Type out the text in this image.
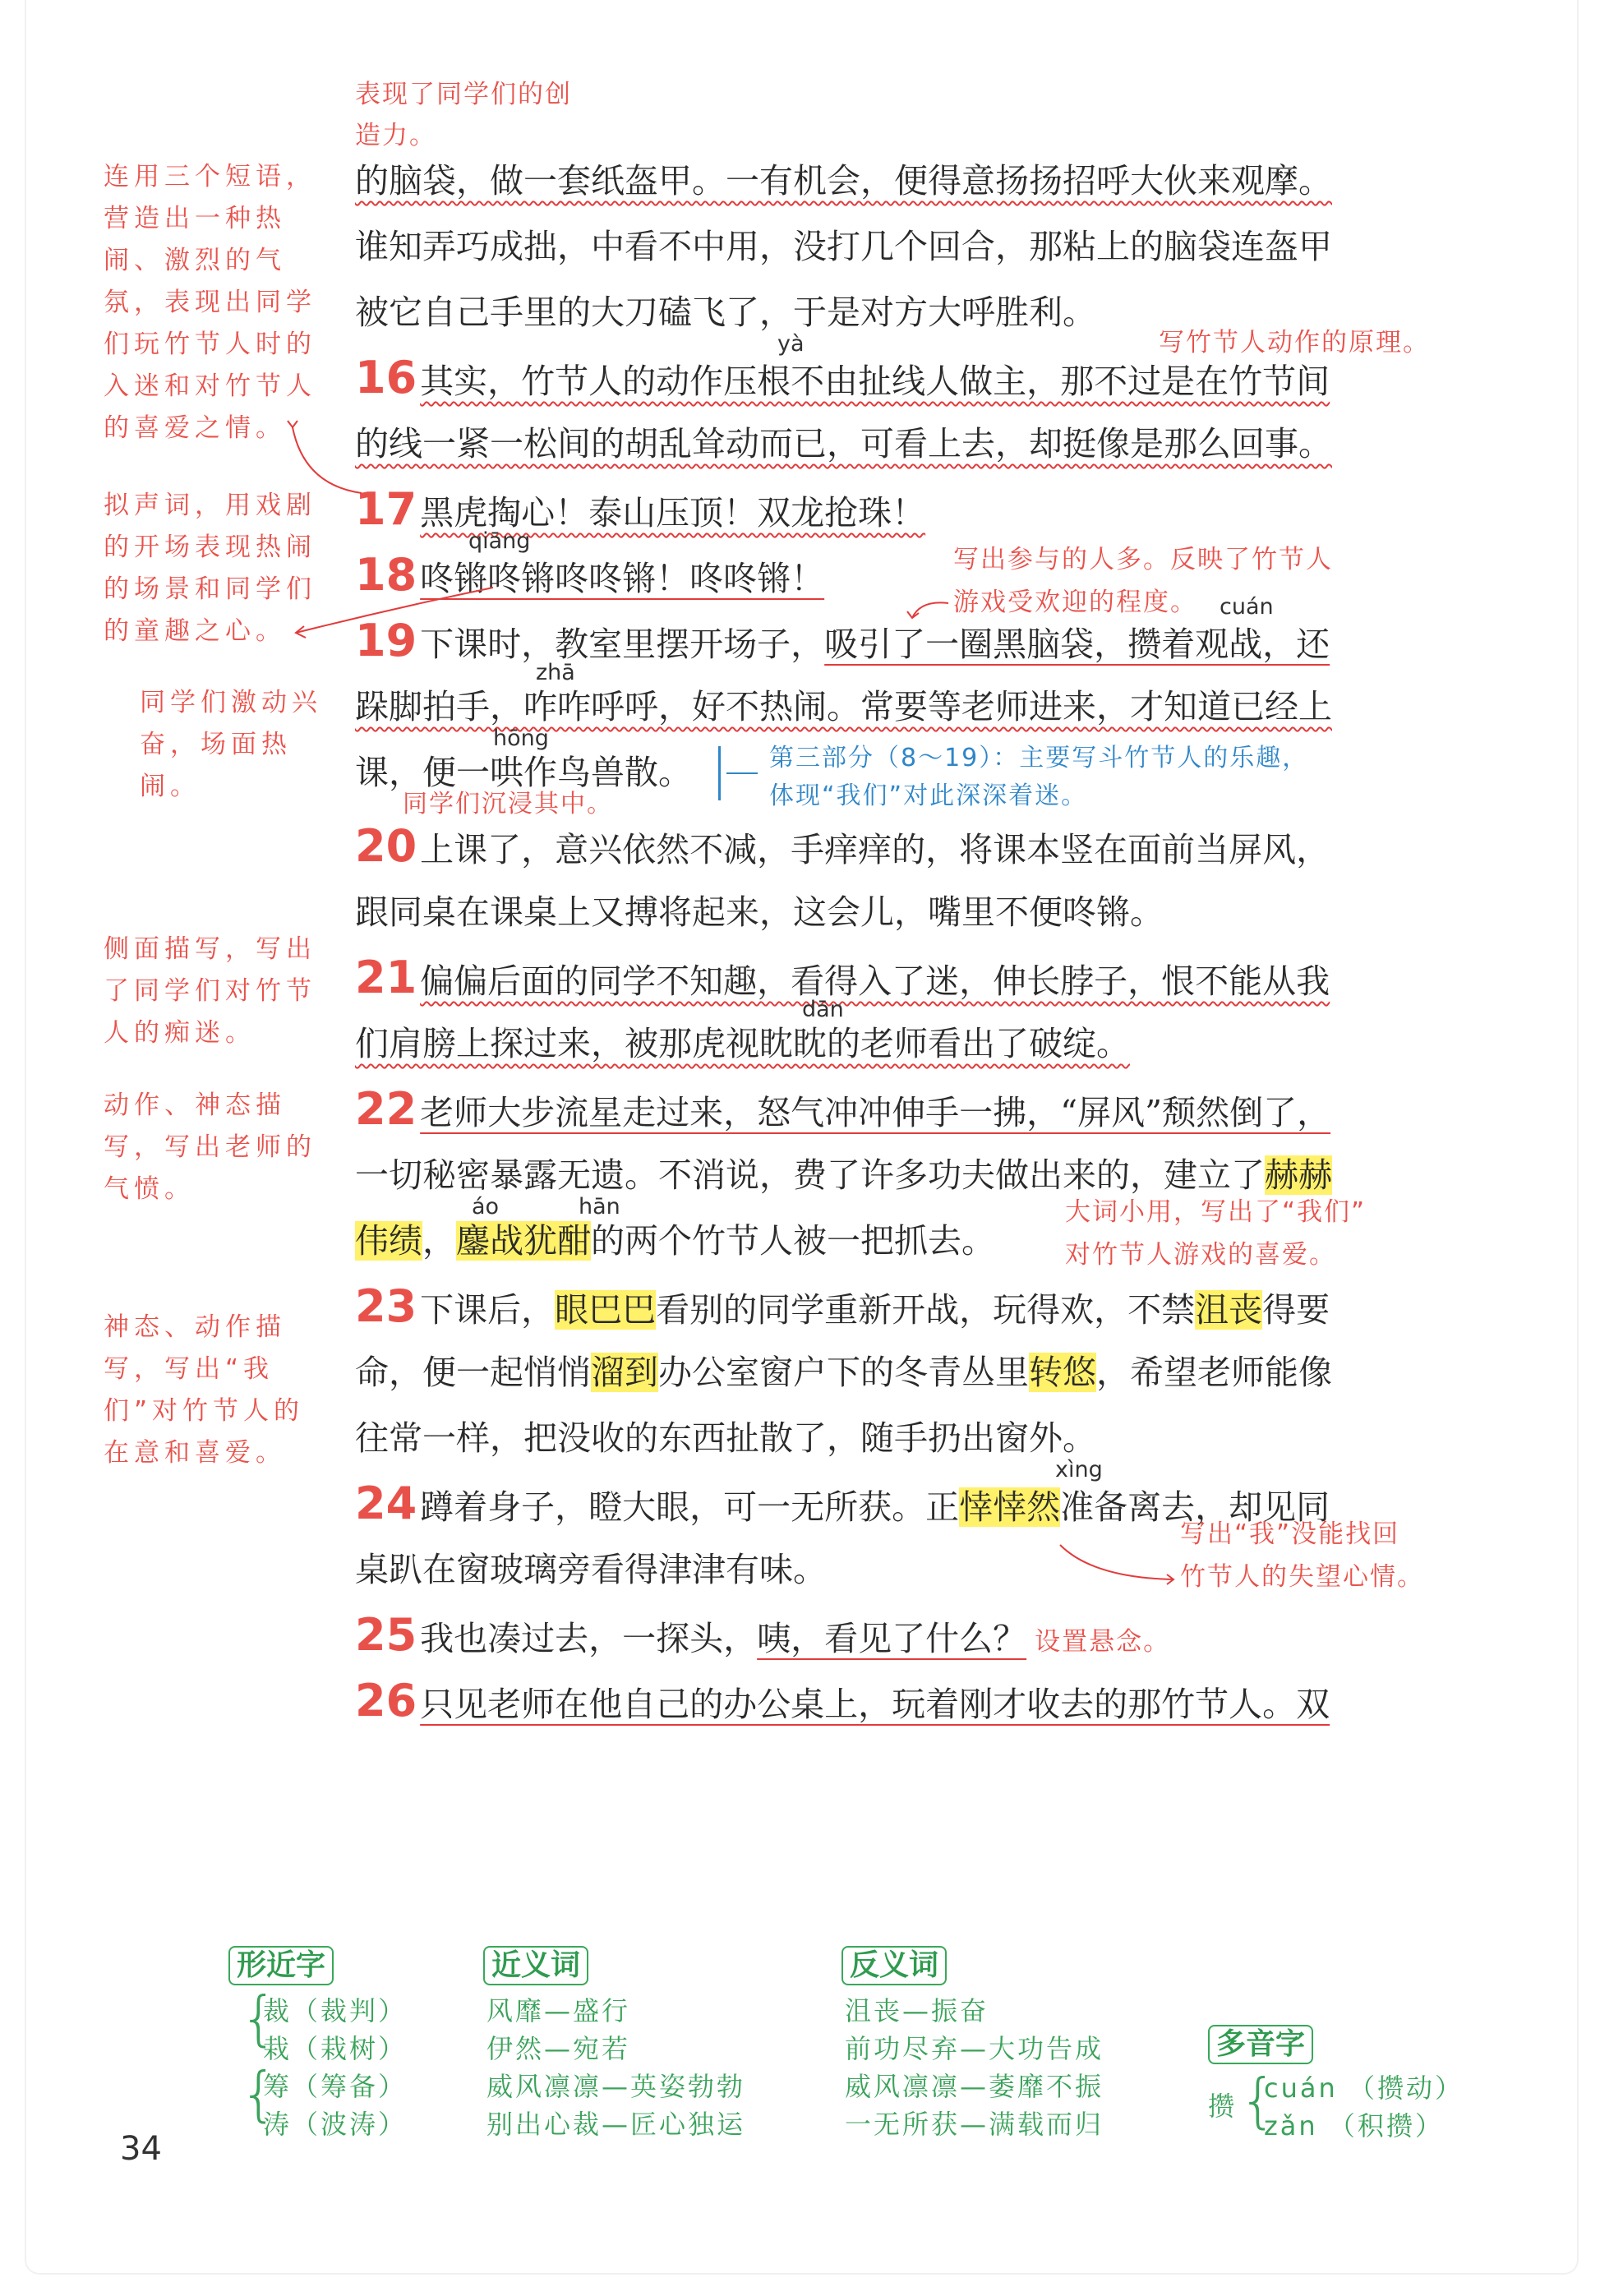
表现了同学们的创造力。
的脑袋，做一套纸盔甲。一有机会，便得意扬扬招呼大伙来观摩。
谁知弄巧成拙，中看不中用，没打几个回合，那粘上的脑袋连盔甲
被它自己手里的大刀磕飞了，于是对方大呼胜利。
yà
16其实，竹节人的动作压根不由扯线人做主，那不过是在竹节间
的线一紧一松间的胡乱耸动而已，可看上去，却挺像是那么回事。
17黑虎掏心！泰山压顶！双龙抢珠！
qiāng
18咚锵咚锵咚咚锵！咚咚锵！
cuán
19下课时，教室里摆开场子，吸引了一圈黑脑袋，攒着观战，还
zhā
跺脚拍手，咋咋呼呼，好不热闹。常要等老师进来，才知道已经上
hōng
课，便一哄作鸟兽散。
同学们沉浸其中。
第三部分（8～19）：主要写斗竹节人的乐趣，
体现“我们”对此深深着迷。
20上课了，意兴依然不减，手痒痒的，将课本竖在面前当屏风，
跟同桌在课桌上又搏将起来，这会儿，嘴里不便咚锵。
21偏偏后面的同学不知趣，看得入了迷，伸长脖子，恨不能从我
dān
们肩膀上探过来，被那虎视眈眈的老师看出了破绽。
22老师大步流星走过来，怒气冲冲伸手一拂，“屏风”颓然倒了，
一切秘密暴露无遗。不消说，费了许多功夫做出来的，建立了赫赫
áo	hān
伟绩，鏖战犹酣的两个竹节人被一把抓去。
大词小用，写出了“我们”
对竹节人游戏的喜爱。
23下课后，眼巴巴看别的同学重新开战，玩得欢，不禁沮丧得要
命，便一起悄悄溜到办公室窗户下的冬青丛里转悠，希望老师能像
往常一样，把没收的东西扯散了，随手扔出窗外。
xìng
24蹲着身子，瞪大眼，可一无所获。正悻悻然准备离去，却见同
桌趴在窗玻璃旁看得津津有味。
写出“我”没能找回
竹节人的失望心情。
25我也凑过去，一探头，咦，看见了什么？ 设置悬念。
26只见老师在他自己的办公桌上，玩着刚才收去的那竹节人。双
写竹节人动作的原理。
写出参与的人多。反映了竹节人
游戏受欢迎的程度。
连用三个短语，营造出一种热闹、激烈的气氛，表现出同学们玩竹节人时的入迷和对竹节人的喜爱之情。
拟声词，用戏剧的开场表现热闹的场景和同学们的童趣之心。
同学们激动兴奋，场面热闹。
侧面描写，写出了同学们对竹节人的痴迷。
动作、神态描写，写出老师的气愤。
神态、动作描写，写出“我们”对竹节人的在意和喜爱。
形近字
{
{
裁（裁判）
栽（栽树）
筹（筹备）
涛（波涛）
近义词
风靡—盛行
伊然—宛若
威风凛凛—英姿勃勃
别出心裁—匠心独运
反义词
沮丧—振奋
前功尽弃—大功告成
威风凛凛—萎靡不振
一无所获—满载而归
多音字
攒 {
cuán （攒动）
zǎn （积攒）
34
